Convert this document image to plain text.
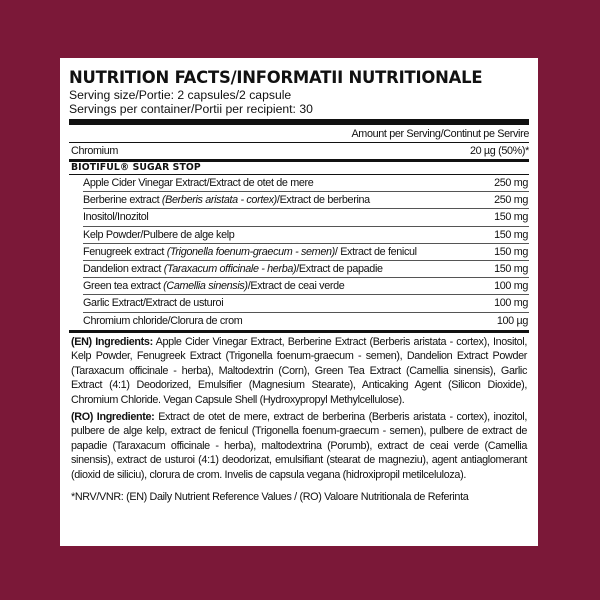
NUTRITION FACTS/INFORMATII NUTRITIONALE
Serving size/Portie: 2 capsules/2 capsule
Servings per container/Portii per recipient: 30
Amount per Serving/Continut pe Servire
Chromium	20 µg (50%)*
BIOTIFUL® SUGAR STOP
Apple Cider Vinegar Extract/Extract de otet de mere	250 mg
Berberine extract (Berberis aristata - cortex)/Extract de berberina	250 mg
Inositol/Inozitol	150 mg
Kelp Powder/Pulbere de alge kelp	150 mg
Fenugreek extract (Trigonella foenum-graecum - semen)/ Extract de fenicul	150 mg
Dandelion extract (Taraxacum officinale - herba)/Extract de papadie	150 mg
Green tea extract (Camellia sinensis)/Extract de ceai verde	100 mg
Garlic Extract/Extract de usturoi	100 mg
Chromium chloride/Clorura de crom	100 µg
(EN) Ingredients: Apple Cider Vinegar Extract, Berberine Extract (Berberis aristata - cortex), Inositol, Kelp Powder, Fenugreek Extract (Trigonella foenum-graecum - semen), Dandelion Extract Powder (Taraxacum officinale - herba), Maltodextrin (Corn), Green Tea Extract (Camellia sinensis), Garlic Extract (4:1) Deodorized, Emulsifier (Magnesium Stearate), Anticaking Agent (Silicon Dioxide), Chromium Chloride. Vegan Capsule Shell (Hydroxypropyl Methylcellulose).
(RO) Ingrediente: Extract de otet de mere, extract de berberina (Berberis aristata - cortex), inozitol, pulbere de alge kelp, extract de fenicul (Trigonella foenum-graecum - semen), pulbere de extract de papadie (Taraxacum officinale - herba), maltodextrina (Porumb), extract de ceai verde (Camellia sinensis), extract de usturoi (4:1) deodorizat, emulsifiant (stearat de magneziu), agent antiaglomerant (dioxid de siliciu), clorura de crom. Invelis de capsula vegana (hidroxipropil metilceluloza).
*NRV/VNR: (EN) Daily Nutrient Reference Values / (RO) Valoare Nutritionala de Referinta
